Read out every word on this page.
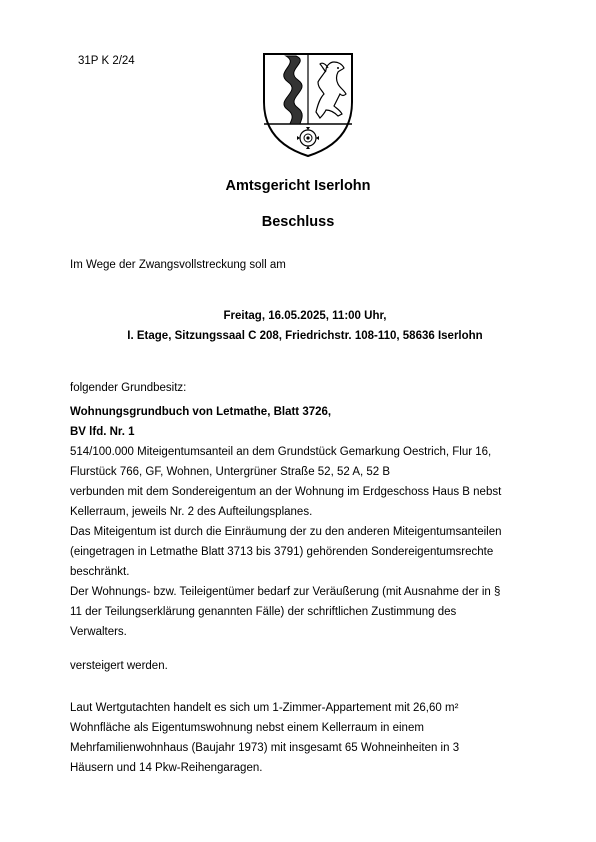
31P K 2/24
Amtsgericht Iserlohn
Beschluss
Im Wege der Zwangsvollstreckung soll am
Freitag, 16.05.2025, 11:00 Uhr,
I. Etage, Sitzungssaal C 208, Friedrichstr. 108-110, 58636 Iserlohn
folgender Grundbesitz:
Wohnungsgrundbuch von Letmathe, Blatt 3726,
BV lfd. Nr. 1
514/100.000 Miteigentumsanteil an dem Grundstück Gemarkung Oestrich, Flur 16,
Flurstück 766, GF, Wohnen, Untergrüner Straße 52, 52 A, 52 B
verbunden mit dem Sondereigentum an der Wohnung im Erdgeschoss Haus B nebst
Kellerraum, jeweils Nr. 2 des Aufteilungsplanes.
Das Miteigentum ist durch die Einräumung der zu den anderen Miteigentumsanteilen
(eingetragen in Letmathe Blatt 3713 bis 3791) gehörenden Sondereigentumsrechte
beschränkt.
Der Wohnungs- bzw. Teileigentümer bedarf zur Veräußerung (mit Ausnahme der in §
11 der Teilungserklärung genannten Fälle) der schriftlichen Zustimmung des
Verwalters.
versteigert werden.
Laut Wertgutachten handelt es sich um 1-Zimmer-Appartement mit 26,60 m²
Wohnfläche als Eigentumswohnung nebst einem Kellerraum in einem
Mehrfamilienwohnhaus (Baujahr 1973) mit insgesamt 65 Wohneinheiten in 3
Häusern und 14 Pkw-Reihengaragen.
